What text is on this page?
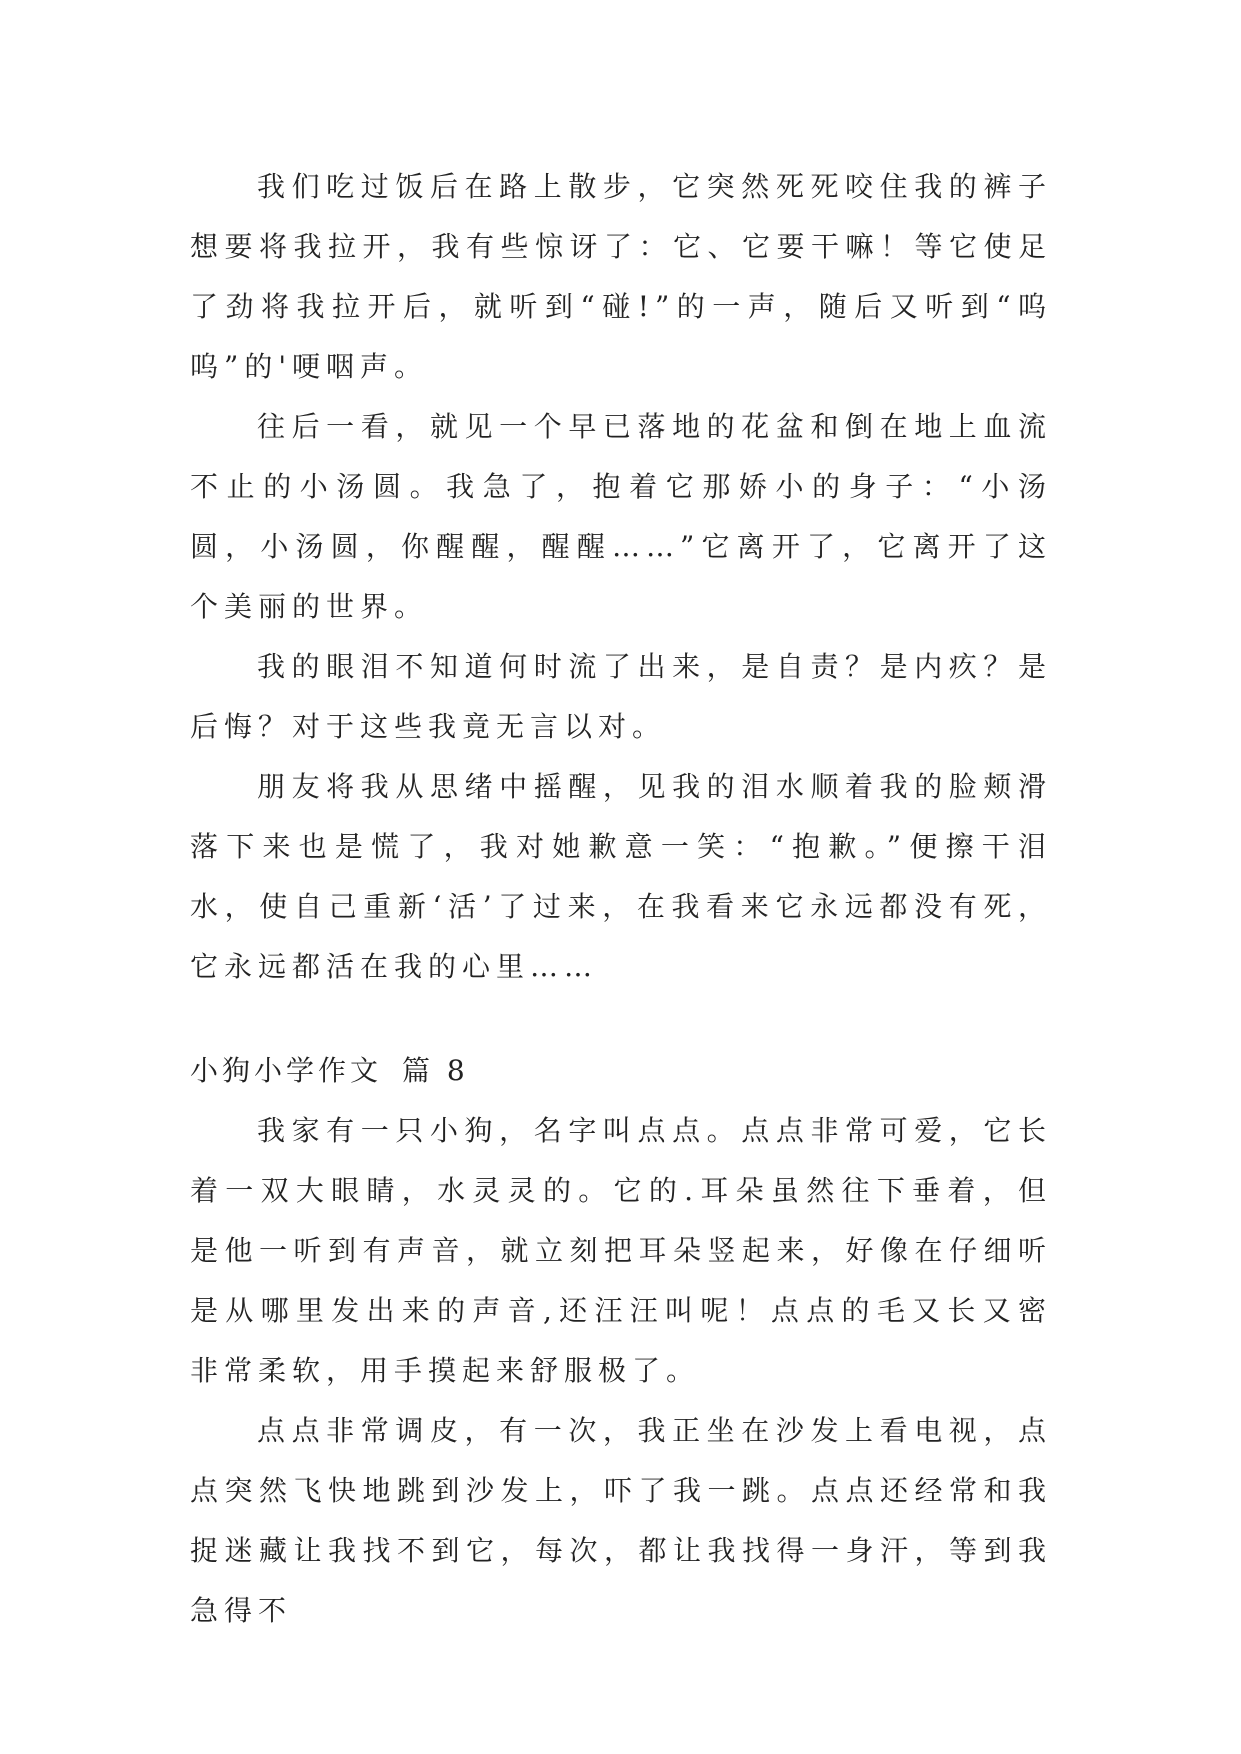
我们吃过饭后在路上散步，它突然死死咬住我的裤子想要将我拉开，我有些惊讶了：它、它要干嘛！等它使足了劲将我拉开后，就听到“碰!”的一声，随后又听到“呜呜”的'哽咽声。

往后一看，就见一个早已落地的花盆和倒在地上血流不止的小汤圆。我急了，抱着它那娇小的身子：“小汤圆，小汤圆，你醒醒，醒醒……”它离开了，它离开了这个美丽的世界。

我的眼泪不知道何时流了出来，是自责？是内疚？是后悔？对于这些我竟无言以对。

朋友将我从思绪中摇醒，见我的泪水顺着我的脸颊滑落下来也是慌了，我对她歉意一笑：“抱歉。”便擦干泪水，使自己重新‘活’了过来，在我看来它永远都没有死，它永远都活在我的心里……

小狗小学作文 篇 8

我家有一只小狗，名字叫点点。点点非常可爱，它长着一双大眼睛，水灵灵的。它的.耳朵虽然往下垂着，但是他一听到有声音，就立刻把耳朵竖起来，好像在仔细听是从哪里发出来的声音,还汪汪叫呢！点点的毛又长又密非常柔软，用手摸起来舒服极了。

点点非常调皮，有一次，我正坐在沙发上看电视，点点突然飞快地跳到沙发上，吓了我一跳。点点还经常和我捉迷藏让我找不到它，每次，都让我找得一身汗，等到我急得不
